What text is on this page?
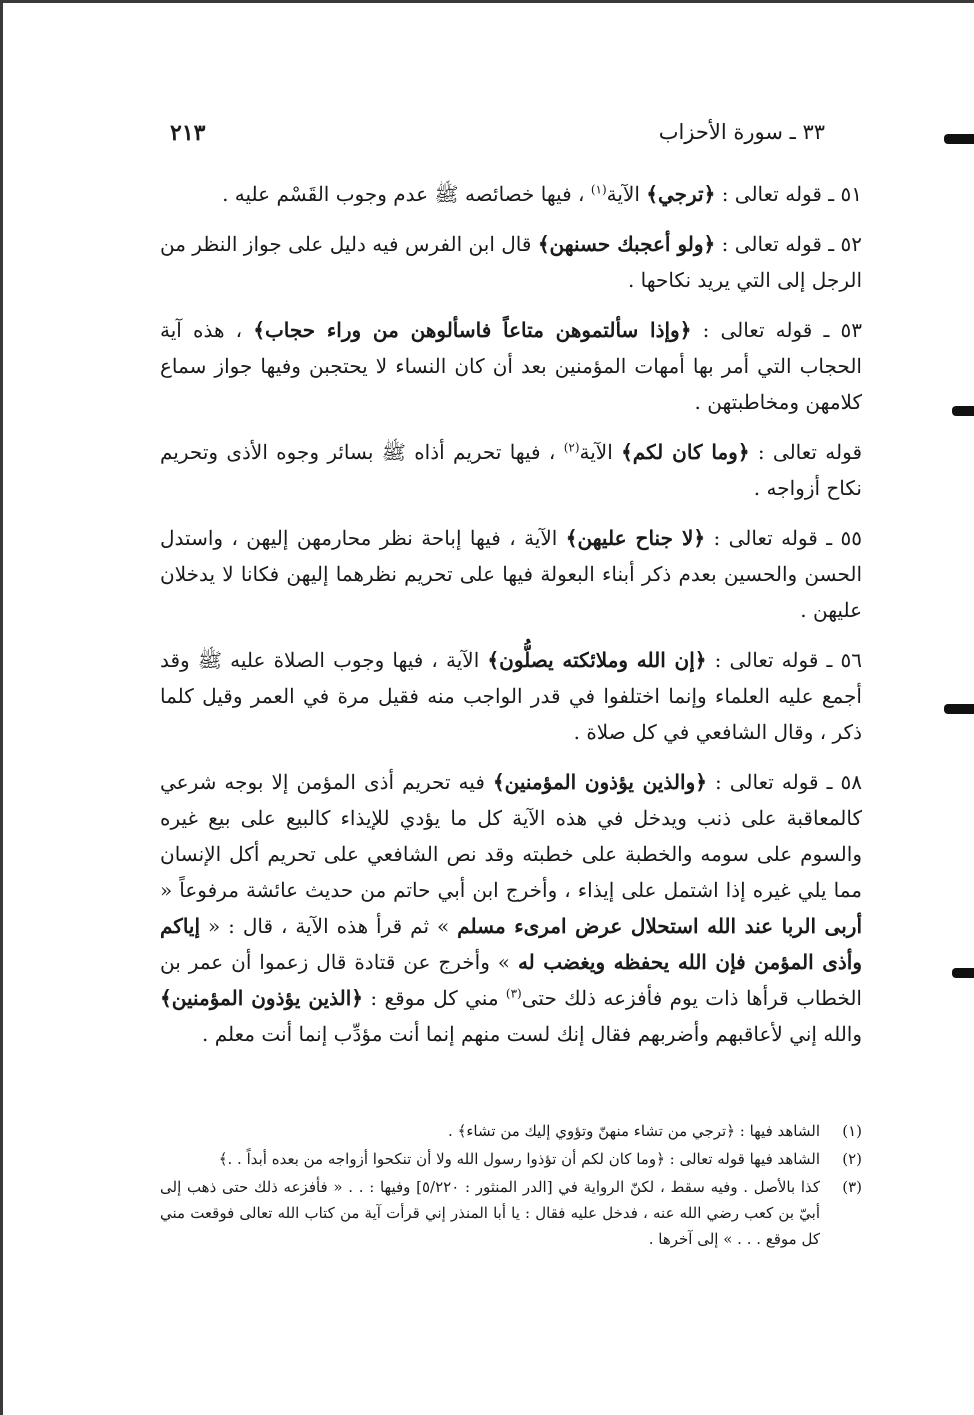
٣٣ ـ سورة الأحزاب
٢١٣

٥١ ـ قوله تعالى : ﴿ترجي﴾ الآية$^{(١)}$ ، فيها خصائصه ﷺ عدم وجوب القَسْم عليه .

٥٢ ـ قوله تعالى : ﴿ولو أعجبك حسنهن﴾ قال ابن الفرس فيه دليل على جواز النظر من الرجل إلى التي يريد نكاحها .

٥٣ ـ قوله تعالى : ﴿وإذا سألتموهن متاعاً فاسألوهن من وراء حجاب﴾ ، هذه آية الحجاب التي أمر بها أمهات المؤمنين بعد أن كان النساء لا يحتجبن وفيها جواز سماع كلامهن ومخاطبتهن .

قوله تعالى : ﴿وما كان لكم﴾ الآية$^{(٢)}$ ، فيها تحريم أذاه ﷺ بسائر وجوه الأذى وتحريم نكاح أزواجه .

٥٥ ـ قوله تعالى : ﴿لا جناح عليهن﴾ الآية ، فيها إباحة نظر محارمهن إليهن ، واستدل الحسن والحسين بعدم ذكر أبناء البعولة فيها على تحريم نظرهما إليهن فكانا لا يدخلان عليهن .

٥٦ ـ قوله تعالى : ﴿إن الله وملائكته يصلُّون﴾ الآية ، فيها وجوب الصلاة عليه ﷺ وقد أجمع عليه العلماء وإنما اختلفوا في قدر الواجب منه فقيل مرة في العمر وقيل كلما ذكر ، وقال الشافعي في كل صلاة .

٥٨ ـ قوله تعالى : ﴿والذين يؤذون المؤمنين﴾ فيه تحريم أذى المؤمن إلا بوجه شرعي كالمعاقبة على ذنب ويدخل في هذه الآية كل ما يؤدي للإيذاء كالبيع على بيع غيره والسوم على سومه والخطبة على خطبته وقد نص الشافعي على تحريم أكل الإنسان مما يلي غيره إذا اشتمل على إيذاء ، وأخرج ابن أبي حاتم من حديث عائشة مرفوعاً « أربى الربا عند الله استحلال عرض امرىء مسلم » ثم قرأ هذه الآية ، قال : « إياكم وأذى المؤمن فإن الله يحفظه ويغضب له » وأخرج عن قتادة قال زعموا أن عمر بن الخطاب قرأها ذات يوم فأفزعه ذلك حتى$^{(٣)}$ مني كل موقع : ﴿الذين يؤذون المؤمنين﴾ والله إني لأعاقبهم وأضربهم فقال إنك لست منهم إنما أنت مؤدِّب إنما أنت معلم .

(١)
الشاهد فيها : ﴿ترجي من تشاء منهنّ وتؤوي إليك من تشاء﴾ .
(٢)
الشاهد فيها قوله تعالى : ﴿وما كان لكم أن تؤذوا رسول الله ولا أن تنكحوا أزواجه من بعده أبداً . .﴾
(٣)
كذا بالأصل . وفيه سقط ، لكنّ الرواية في [الدر المنثور : ٥/٢٢٠] وفيها : . . « فأفزعه ذلك حتى ذهب إلى أبيّ بن كعب رضي الله عنه ، فدخل عليه فقال : يا أبا المنذر إني قرأت آية من كتاب الله تعالى فوقعت مني كل موقع . . . » إلى آخرها .
